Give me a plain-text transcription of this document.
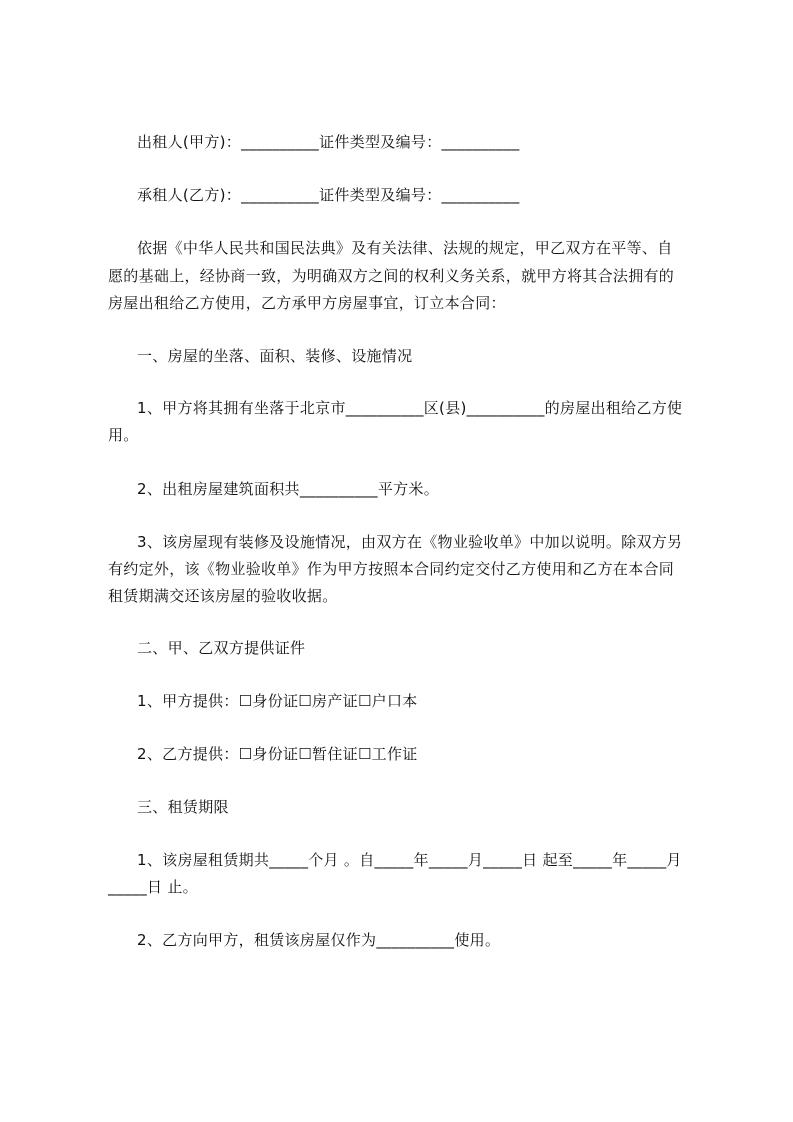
出租人(甲方)：__________证件类型及编号：__________
承租人(乙方)：__________证件类型及编号：__________
依据《中华人民共和国民法典》及有关法律、法规的规定，甲乙双方在平等、自
愿的基础上，经协商一致，为明确双方之间的权利义务关系，就甲方将其合法拥有的
房屋出租给乙方使用，乙方承甲方房屋事宜，订立本合同：
一、房屋的坐落、面积、装修、设施情况
1、甲方将其拥有坐落于北京市__________区(县)__________的房屋出租给乙方使
用。
2、出租房屋建筑面积共__________平方米。
3、该房屋现有装修及设施情况，由双方在《物业验收单》中加以说明。除双方另
有约定外，该《物业验收单》作为甲方按照本合同约定交付乙方使用和乙方在本合同
租赁期满交还该房屋的验收收据。
二、甲、乙双方提供证件
1、甲方提供：☐身份证☐房产证☐户口本
2、乙方提供：☐身份证☐暂住证☐工作证
三、租赁期限
1、该房屋租赁期共_____个月 。自_____年_____月_____日 起至_____年_____月
_____日 止。
2、乙方向甲方，租赁该房屋仅作为__________使用。
